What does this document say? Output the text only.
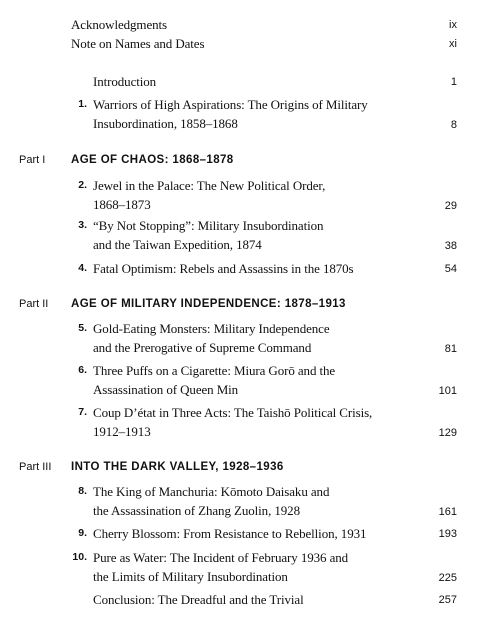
Acknowledgments	ix
Note on Names and Dates	xi
Introduction	1
1. Warriors of High Aspirations: The Origins of Military
Insubordination, 1858–1868	8
Part I AGE OF CHAOS: 1868–1878
2. Jewel in the Palace: The New Political Order,
1868–1873	29
3. “By Not Stopping”: Military Insubordination
and the Taiwan Expedition, 1874	38
4. Fatal Optimism: Rebels and Assassins in the 1870s	54
Part II AGE OF MILITARY INDEPENDENCE: 1878–1913
5. Gold-Eating Monsters: Military Independence
and the Prerogative of Supreme Command	81
6. Three Puffs on a Cigarette: Miura Gorō and the
Assassination of Queen Min	101
7. Coup D’état in Three Acts: The Taishō Political Crisis,
1912–1913	129
Part III INTO THE DARK VALLEY, 1928–1936
8. The King of Manchuria: Kōmoto Daisaku and
the Assassination of Zhang Zuolin, 1928	161
9. Cherry Blossom: From Resistance to Rebellion, 1931	193
10. Pure as Water: The Incident of February 1936 and
the Limits of Military Insubordination	225
Conclusion: The Dreadful and the Trivial	257
